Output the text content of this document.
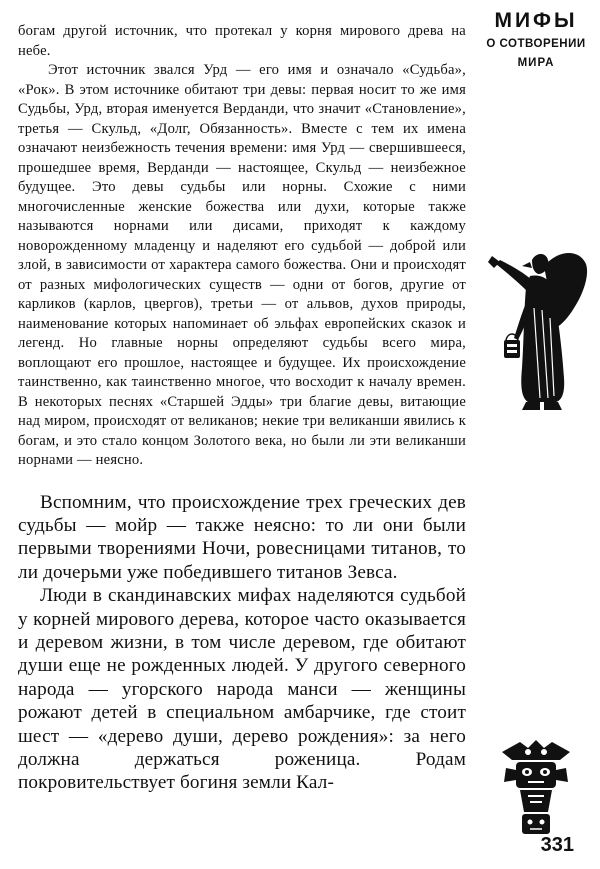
богам другой источник, что протекал у корня мирового древа на небе.

Этот источник звался Урд — его имя и означало «Судьба», «Рок». В этом источнике обитают три девы: первая носит то же имя Судьбы, Урд, вторая именуется Верданди, что значит «Становление», третья — Скульд, «Долг, Обязанность». Вместе с тем их имена означают неизбежность течения времени: имя Урд — свершившееся, прошедшее время, Верданди — настоящее, Скульд — неизбежное будущее. Это девы судьбы или норны. Схожие с ними многочисленные женские божества или духи, которые также называются норнами или дисами, приходят к каждому новорожденному младенцу и наделяют его судьбой — доброй или злой, в зависимости от характера самого божества. Они и происходят от разных мифологических существ — одни от богов, другие от карликов (карлов, цвергов), третьи — от альвов, духов природы, наименование которых напоминает об эльфах европейских сказок и легенд. Но главные норны определяют судьбы всего мира, воплощают его прошлое, настоящее и будущее. Их происхождение таинственно, как таинственно многое, что восходит к началу времен. В некоторых песнях «Старшей Эдды» три благие девы, витающие над миром, происходят от великанов; некие три великанши явились к богам, и это стало концом Золотого века, но были ли эти великанши норнами — неясно.

Вспомним, что происхождение трех греческих дев судьбы — мойр — также неясно: то ли они были первыми творениями Ночи, ровесницами титанов, то ли дочерьми уже победившего титанов Зевса.

Люди в скандинавских мифах наделяются судьбой у корней мирового дерева, которое часто оказывается и деревом жизни, в том числе деревом, где обитают души еще не рожденных людей. У другого северного народа — угорского народа манси — женщины рожают детей в специальном амбарчике, где стоит шест — «дерево души, дерево рождения»: за него должна держаться роженица. Родам покровительствует богиня земли Кал-

МИФЫ
О СОТВОРЕНИИ
МИРА
331
